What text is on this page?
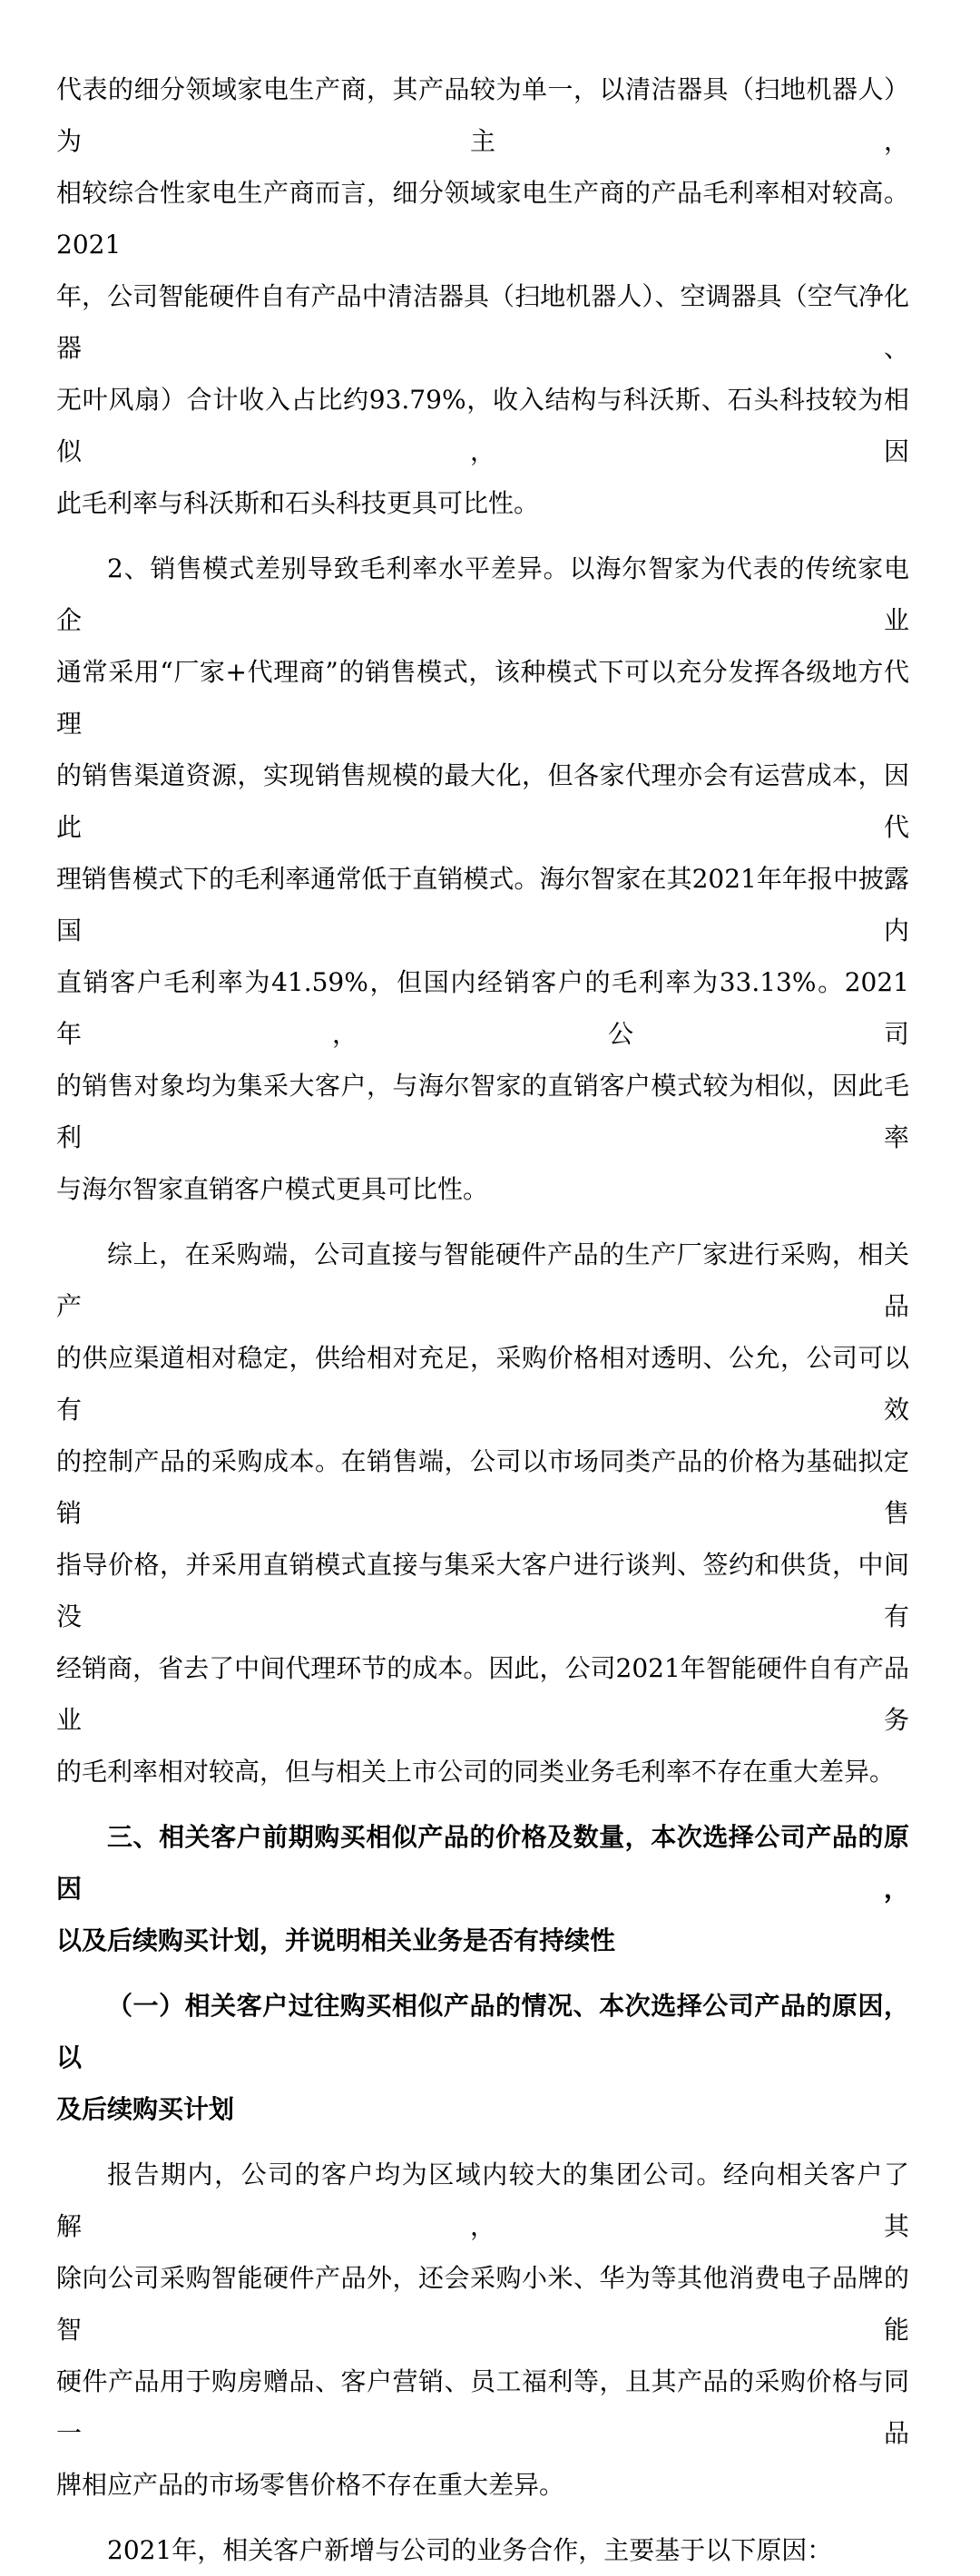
代表的细分领域家电生产商，其产品较为单一，以清洁器具（扫地机器人）为主，

相较综合性家电生产商而言，细分领域家电生产商的产品毛利率相对较高。2021

年，公司智能硬件自有产品中清洁器具（扫地机器人）、空调器具（空气净化器、

无叶风扇）合计收入占比约93.79%，收入结构与科沃斯、石头科技较为相似，因

此毛利率与科沃斯和石头科技更具可比性。

2、销售模式差别导致毛利率水平差异。以海尔智家为代表的传统家电企业

通常采用“厂家+代理商”的销售模式，该种模式下可以充分发挥各级地方代理

的销售渠道资源，实现销售规模的最大化，但各家代理亦会有运营成本，因此代

理销售模式下的毛利率通常低于直销模式。海尔智家在其2021年年报中披露国内

直销客户毛利率为41.59%，但国内经销客户的毛利率为33.13%。2021年，公司

的销售对象均为集采大客户，与海尔智家的直销客户模式较为相似，因此毛利率

与海尔智家直销客户模式更具可比性。

综上，在采购端，公司直接与智能硬件产品的生产厂家进行采购，相关产品

的供应渠道相对稳定，供给相对充足，采购价格相对透明、公允，公司可以有效

的控制产品的采购成本。在销售端，公司以市场同类产品的价格为基础拟定销售

指导价格，并采用直销模式直接与集采大客户进行谈判、签约和供货，中间没有

经销商，省去了中间代理环节的成本。因此，公司2021年智能硬件自有产品业务

的毛利率相对较高，但与相关上市公司的同类业务毛利率不存在重大差异。

三、相关客户前期购买相似产品的价格及数量，本次选择公司产品的原因，

以及后续购买计划，并说明相关业务是否有持续性

（一）相关客户过往购买相似产品的情况、本次选择公司产品的原因，以

及后续购买计划

报告期内，公司的客户均为区域内较大的集团公司。经向相关客户了解，其

除向公司采购智能硬件产品外，还会采购小米、华为等其他消费电子品牌的智能

硬件产品用于购房赠品、客户营销、员工福利等，且其产品的采购价格与同一品

牌相应产品的市场零售价格不存在重大差异。

2021年，相关客户新增与公司的业务合作，主要基于以下原因：
